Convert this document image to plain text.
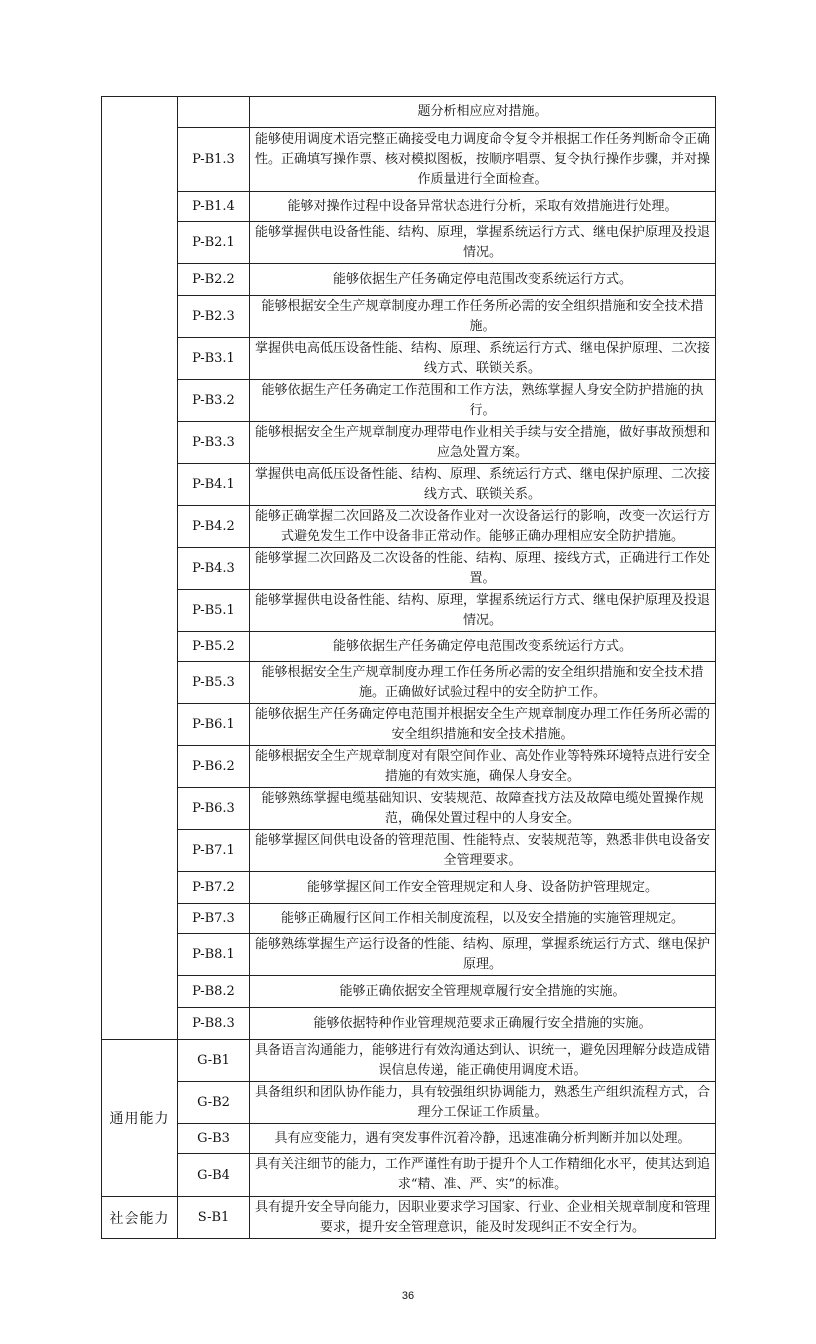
		题分析相应应对措施。
	P-B1.3	能够使用调度术语完整正确接受电力调度命令复令并根据工作任务判断命令正确性。正确填写操作票、核对模拟图板，按顺序唱票、复令执行操作步骤，并对操作质量进行全面检查。
	P-B1.4	能够对操作过程中设备异常状态进行分析，采取有效措施进行处理。
	P-B2.1	能够掌握供电设备性能、结构、原理，掌握系统运行方式、继电保护原理及投退情况。
	P-B2.2	能够依据生产任务确定停电范围改变系统运行方式。
	P-B2.3	能够根据安全生产规章制度办理工作任务所必需的安全组织措施和安全技术措施。
	P-B3.1	掌握供电高低压设备性能、结构、原理、系统运行方式、继电保护原理、二次接线方式、联锁关系。
	P-B3.2	能够依据生产任务确定工作范围和工作方法，熟练掌握人身安全防护措施的执行。
	P-B3.3	能够根据安全生产规章制度办理带电作业相关手续与安全措施，做好事故预想和应急处置方案。
	P-B4.1	掌握供电高低压设备性能、结构、原理、系统运行方式、继电保护原理、二次接线方式、联锁关系。
	P-B4.2	能够正确掌握二次回路及二次设备作业对一次设备运行的影响，改变一次运行方式避免发生工作中设备非正常动作。能够正确办理相应安全防护措施。
	P-B4.3	能够掌握二次回路及二次设备的性能、结构、原理、接线方式，正确进行工作处置。
	P-B5.1	能够掌握供电设备性能、结构、原理，掌握系统运行方式、继电保护原理及投退情况。
	P-B5.2	能够依据生产任务确定停电范围改变系统运行方式。
	P-B5.3	能够根据安全生产规章制度办理工作任务所必需的安全组织措施和安全技术措施。正确做好试验过程中的安全防护工作。
	P-B6.1	能够依据生产任务确定停电范围并根据安全生产规章制度办理工作任务所必需的安全组织措施和安全技术措施。
	P-B6.2	能够根据安全生产规章制度对有限空间作业、高处作业等特殊环境特点进行安全措施的有效实施，确保人身安全。
	P-B6.3	能够熟练掌握电缆基础知识、安装规范、故障查找方法及故障电缆处置操作规范，确保处置过程中的人身安全。
	P-B7.1	能够掌握区间供电设备的管理范围、性能特点、安装规范等，熟悉非供电设备安全管理要求。
	P-B7.2	能够掌握区间工作安全管理规定和人身、设备防护管理规定。
	P-B7.3	能够正确履行区间工作相关制度流程，以及安全措施的实施管理规定。
	P-B8.1	能够熟练掌握生产运行设备的性能、结构、原理，掌握系统运行方式、继电保护原理。
	P-B8.2	能够正确依据安全管理规章履行安全措施的实施。
	P-B8.3	能够依据特种作业管理规范要求正确履行安全措施的实施。
通用能力	G-B1	具备语言沟通能力，能够进行有效沟通达到认、识统一，避免因理解分歧造成错误信息传递，能正确使用调度术语。
	G-B2	具备组织和团队协作能力，具有较强组织协调能力，熟悉生产组织流程方式，合理分工保证工作质量。
	G-B3	具有应变能力，遇有突发事件沉着冷静，迅速准确分析判断并加以处理。
	G-B4	具有关注细节的能力，工作严谨性有助于提升个人工作精细化水平，使其达到追求“精、准、严、实”的标准。
社会能力	S-B1	具有提升安全导向能力，因职业要求学习国家、行业、企业相关规章制度和管理要求，提升安全管理意识，能及时发现纠正不安全行为。
36
